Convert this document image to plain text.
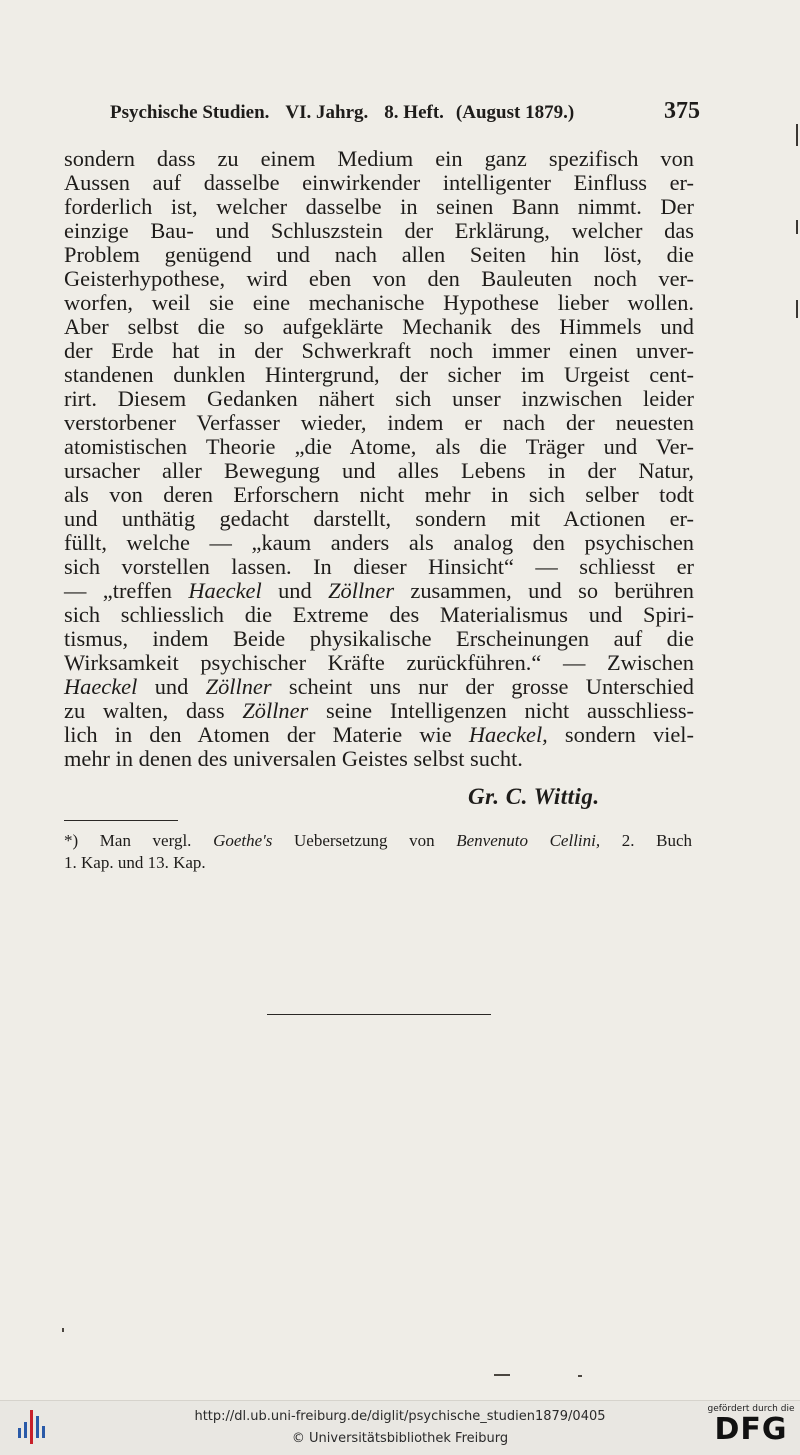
Psychische Studien. VI. Jahrg. 8. Heft. (August 1879.)	375
sondern dass zu einem Medium ein ganz spezifisch von
Aussen auf dasselbe einwirkender intelligenter Einfluss er-
forderlich ist, welcher dasselbe in seinen Bann nimmt. Der
einzige Bau- und Schluszstein der Erklärung, welcher das
Problem genügend und nach allen Seiten hin löst, die
Geisterhypothese, wird eben von den Bauleuten noch ver-
worfen, weil sie eine mechanische Hypothese lieber wollen.
Aber selbst die so aufgeklärte Mechanik des Himmels und
der Erde hat in der Schwerkraft noch immer einen unver-
standenen dunklen Hintergrund, der sicher im Urgeist cent-
rirt. Diesem Gedanken nähert sich unser inzwischen leider
verstorbener Verfasser wieder, indem er nach der neuesten
atomistischen Theorie „die Atome, als die Träger und Ver-
ursacher aller Bewegung und alles Lebens in der Natur,
als von deren Erforschern nicht mehr in sich selber todt
und unthätig gedacht darstellt, sondern mit Actionen er-
füllt, welche — „kaum anders als analog den psychischen
sich vorstellen lassen. In dieser Hinsicht“ — schliesst er
— „treffen Haeckel und Zöllner zusammen, und so berühren
sich schliesslich die Extreme des Materialismus und Spiri-
tismus, indem Beide physikalische Erscheinungen auf die
Wirksamkeit psychischer Kräfte zurückführen.“ — Zwischen
Haeckel und Zöllner scheint uns nur der grosse Unterschied
zu walten, dass Zöllner seine Intelligenzen nicht ausschliess-
lich in den Atomen der Materie wie Haeckel, sondern viel-
mehr in denen des universalen Geistes selbst sucht.
Gr. C. Wittig.
*) Man vergl. Goethe's Uebersetzung von Benvenuto Cellini, 2. Buch
1. Kap. und 13. Kap.
http://dl.ub.uni-freiburg.de/diglit/psychische_studien1879/0405
© Universitätsbibliothek Freiburg
gefördert durch die
DFG
